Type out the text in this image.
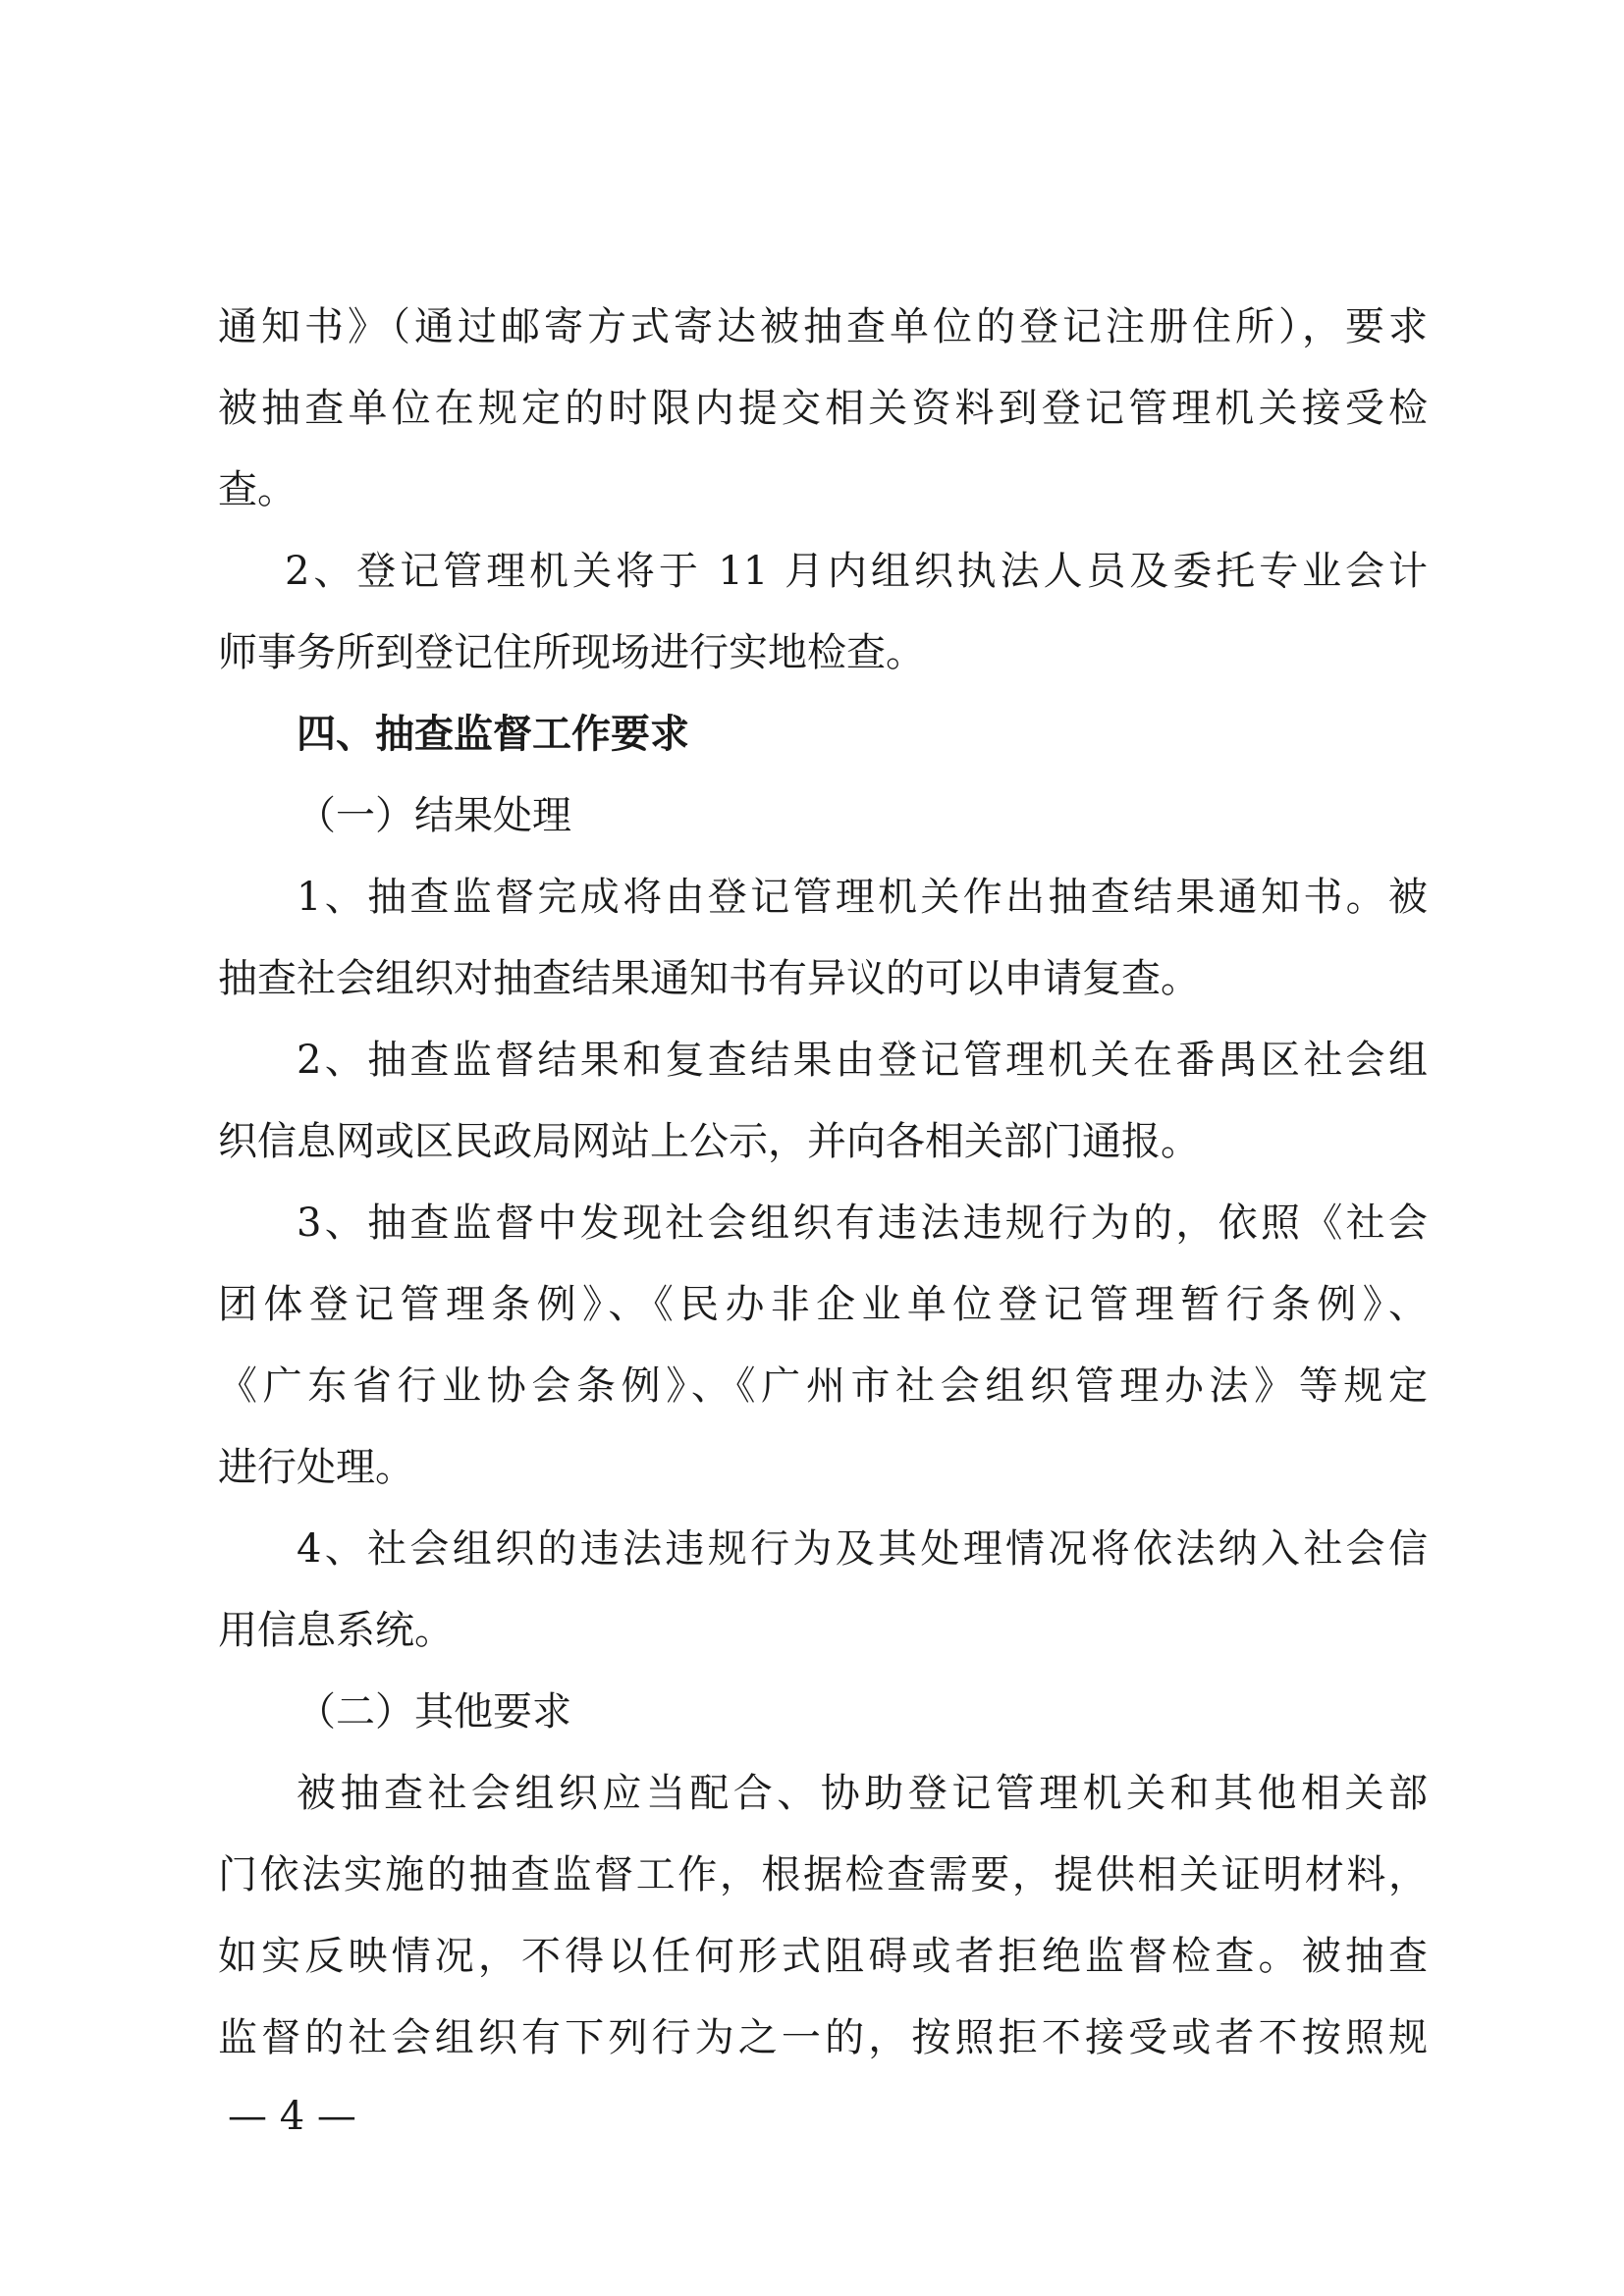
通知书》（通过邮寄方式寄达被抽查单位的登记注册住所），要求
被抽查单位在规定的时限内提交相关资料到登记管理机关接受检
查。
2、登记管理机关将于 11 月内组织执法人员及委托专业会计
师事务所到登记住所现场进行实地检查。
四、抽查监督工作要求
（一）结果处理
1、抽查监督完成将由登记管理机关作出抽查结果通知书。被
抽查社会组织对抽查结果通知书有异议的可以申请复查。
2、抽查监督结果和复查结果由登记管理机关在番禺区社会组
织信息网或区民政局网站上公示，并向各相关部门通报。
3、抽查监督中发现社会组织有违法违规行为的，依照《社会
团体登记管理条例》、《民办非企业单位登记管理暂行条例》、
《广东省行业协会条例》、《广州市社会组织管理办法》等规定
进行处理。
4、社会组织的违法违规行为及其处理情况将依法纳入社会信
用信息系统。
（二）其他要求
被抽查社会组织应当配合、协助登记管理机关和其他相关部
门依法实施的抽查监督工作，根据检查需要，提供相关证明材料，
如实反映情况，不得以任何形式阻碍或者拒绝监督检查。被抽查
监督的社会组织有下列行为之一的，按照拒不接受或者不按照规
— 4 —
